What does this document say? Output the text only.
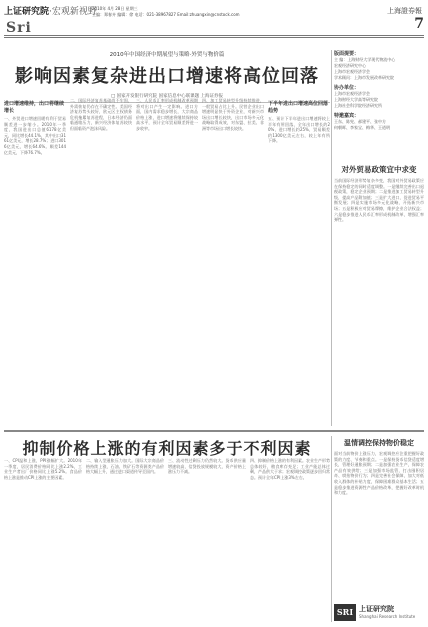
上证研究院·宏观新视野
Sri
2010年 4月 28日 星期三
主编：郑春卉 编辑：徐 电话：021-38967827 Email:zhuangxin@cnstock.com	上海證券報
7
版面提要：
主 编：上海财经大学现代物流中心
宏观经济研究中心
上海市宏观经济学会
学术顾问：上海市发展改革研究院
协办单位：
上海市宏观经济学会
上海财经大学高等研究院
上海社会科学院经济研究所
特邀嘉宾：
王东、陈宪、郝建平、张中方
何朝晖、李家宝、梅华、王道明
2010年中国经济中期展望与策略·外贸与物价篇
影响因素复杂进出口增速将高位回落
□ 国家开发银行研究院 国家信息中心联课题 上海证券报
进口增速维持，出口将继续增长
一、外贸进口增速回暖有利于贸易顺差进一步缩小。2010年一季度，我国进出口总值6178亿美元，同比增长44.1%，其中出口3161亿美元，增长28.7%；进口3016亿美元，增长64.6%。顺差144亿美元，下降76.7%。
二、国际经济复苏基础尚不牢固，外需恢复仍存在不确定性。美国经济复苏势头较好，欧元区主权债务危机拖累复苏进程，日本经济仍面临通缩压力，新兴经济体复苏较快但面临资产泡沫风险。
三、人民币汇率形成机制改革预期将对出口产生一定影响。进口方面，国内需求稳步增长，大宗商品价格上涨，进口增速将继续保持较高水平，预计全年贸易顺差将进一步收窄。
四、加工贸易转型升级持续推进，一般贸易占比上升。民营企业出口增速明显快于外资企业，对新兴市场出口增长较快，出口市场多元化战略取得成效，对东盟、拉美、非洲等市场出口增长较快。
下半年进出口增速高位回落趋势
五、预计下半年进出口增速将较上半年有所回落，全年出口增长约20%，进口增长约25%，贸易顺差约1300亿美元左右，较上年有所下降。
对外贸易政策宜中求变
当前国际经济形势复杂多变，我国对外贸易政策应在保持稳定的同时适度调整。一是继续完善出口退税政策，稳定企业预期；二是推进加工贸易转型升级，提高产品附加值；三是扩大进口，促进贸易平衡发展；四是实施市场多元化战略，开拓新兴市场；五是积极应对贸易摩擦，维护企业合法权益；六是稳步推进人民币汇率形成机制改革，增强汇率弹性。
抑制价格上涨的有利因素多于不利因素
一、CPI温和上涨，PPI涨幅扩大。2010年一季度，居民消费价格同比上涨2.2%，工业生产者出厂价格同比上涨5.2%。食品价格上涨是推动CPI上涨的主要因素。
二、输入型通胀压力加大。国际大宗商品价格持续上涨，石油、铁矿石等资源类产品价格大幅上升，通过进口渠道传导至国内。
三、流动性过剩压力仍然较大。货币供应量增速较高，信贷投放规模较大，资产价格上涨压力不减。
四、抑制价格上涨的有利因素。农业生产形势总体较好，粮食库存充足；工业产能总体过剩，产品供大于求；宏观调控政策逐步回归常态。预计全年CPI上涨3%左右。
温情调控保持物价稳定
面对当前物价上涨压力，宏观调控应注重把握好政策的力度、节奏和重点。一是保持货币信贷适度增长，管理好通胀预期；二是加强农业生产，保障农产品有效供给；三是加强市场监管，打击囤积居奇、哄抬物价行为；四是完善社会保障，加大对低收入群体的补贴力度，保障困难群众基本生活；五是稳步推进资源性产品价格改革，把握好改革时机和力度。
SRI 上证研究院
Shanghai Research Institute
